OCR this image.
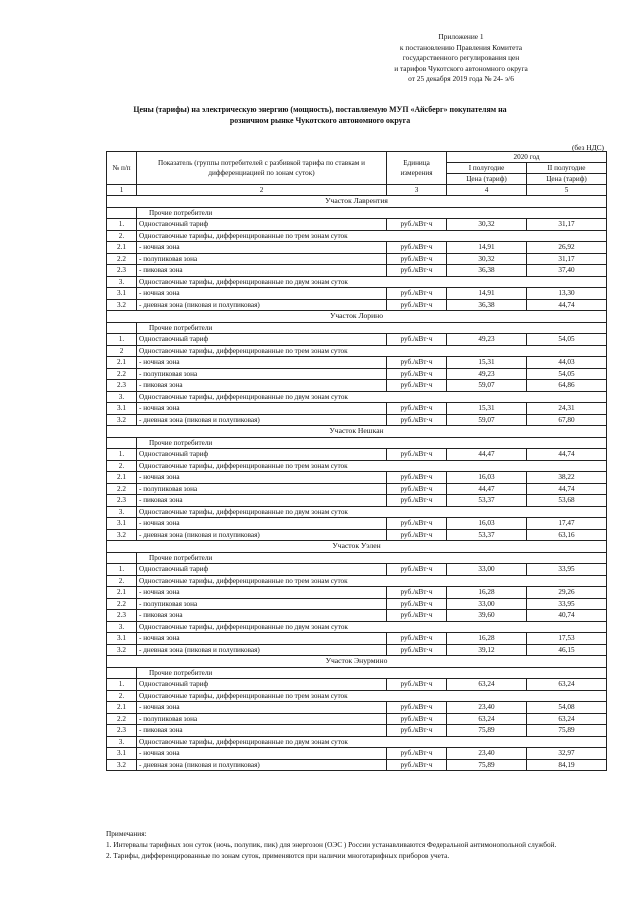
Приложение 1
к постановлению Правления Комитета
государственного регулирования цен
и тарифов Чукотского автономного округа
от 25 декабря 2019 года № 24- э/6
Цены (тарифы) на электрическую энергию (мощность), поставляемую МУП «Айсберг» покупателям на
розничном рынке Чукотского автономного округа
(без НДС)
№ п/п	Показатель (группы потребителей с разбивкой тарифа по ставкам и дифференциацией по зонам суток)	Единица измерения	2020 год	
			I полугодие	II полугодие
			Цена (тариф)	Цена (тариф)
1	2	3	4	5
Участок Лаврентия				
	Прочие потребители			
1.	Одноставочный тариф	руб./кВт·ч	30,32	31,17
2.	Одноставочные тарифы, дифференцированные по трем зонам суток			
2.1	- ночная зона	руб./кВт·ч	14,91	26,92
2.2	- полупиковая зона	руб./кВт·ч	30,32	31,17
2.3	- пиковая зона	руб./кВт·ч	36,38	37,40
3.	Одноставочные тарифы, дифференцированные по двум зонам суток			
3.1	- ночная зона	руб./кВт·ч	14,91	13,30
3.2	- дневная зона (пиковая и полупиковая)	руб./кВт·ч	36,38	44,74
Участок Лорино				
	Прочие потребители			
1.	Одноставочный тариф	руб./кВт·ч	49,23	54,05
2	Одноставочные тарифы, дифференцированные по трем зонам суток			
2.1	- ночная зона	руб./кВт·ч	15,31	44,03
2.2	- полупиковая зона	руб./кВт·ч	49,23	54,05
2.3	- пиковая зона	руб./кВт·ч	59,07	64,86
3.	Одноставочные тарифы, дифференцированные по двум зонам суток			
3.1	- ночная зона	руб./кВт·ч	15,31	24,31
3.2	- дневная зона (пиковая и полупиковая)	руб./кВт·ч	59,07	67,80
Участок Нешкан				
	Прочие потребители			
1.	Одноставочный тариф	руб./кВт·ч	44,47	44,74
2.	Одноставочные тарифы, дифференцированные по трем зонам суток			
2.1	- ночная зона	руб./кВт·ч	16,03	38,22
2.2	- полупиковая зона	руб./кВт·ч	44,47	44,74
2.3	- пиковая зона	руб./кВт·ч	53,37	53,68
3.	Одноставочные тарифы, дифференцированные по двум зонам суток			
3.1	- ночная зона	руб./кВт·ч	16,03	17,47
3.2	- дневная зона (пиковая и полупиковая)	руб./кВт·ч	53,37	63,16
Участок Уэлен				
	Прочие потребители			
1.	Одноставочный тариф	руб./кВт·ч	33,00	33,95
2.	Одноставочные тарифы, дифференцированные по трем зонам суток			
2.1	- ночная зона	руб./кВт·ч	16,28	29,26
2.2	- полупиковая зона	руб./кВт·ч	33,00	33,95
2.3	- пиковая зона	руб./кВт·ч	39,60	40,74
3.	Одноставочные тарифы, дифференцированные по двум зонам суток			
3.1	- ночная зона	руб./кВт·ч	16,28	17,53
3.2	- дневная зона (пиковая и полупиковая)	руб./кВт·ч	39,12	46,15
Участок Энурмино				
	Прочие потребители			
1.	Одноставочный тариф	руб./кВт·ч	63,24	63,24
2.	Одноставочные тарифы, дифференцированные по трем зонам суток			
2.1	- ночная зона	руб./кВт·ч	23,40	54,08
2.2	- полупиковая зона	руб./кВт·ч	63,24	63,24
2.3	- пиковая зона	руб./кВт·ч	75,89	75,89
3.	Одноставочные тарифы, дифференцированные по двум зонам суток			
3.1	- ночная зона	руб./кВт·ч	23,40	32,97
3.2	- дневная зона (пиковая и полупиковая)	руб./кВт·ч	75,89	84,19

Примечания:

1. Интервалы тарифных зон суток (ночь, полупик, пик) для энергозон (ОЭС ) России устанавливаются Федеральной антимонопольной службой.

2. Тарифы, дифференцированные по зонам суток, применяются при наличии многотарифных приборов учета.
